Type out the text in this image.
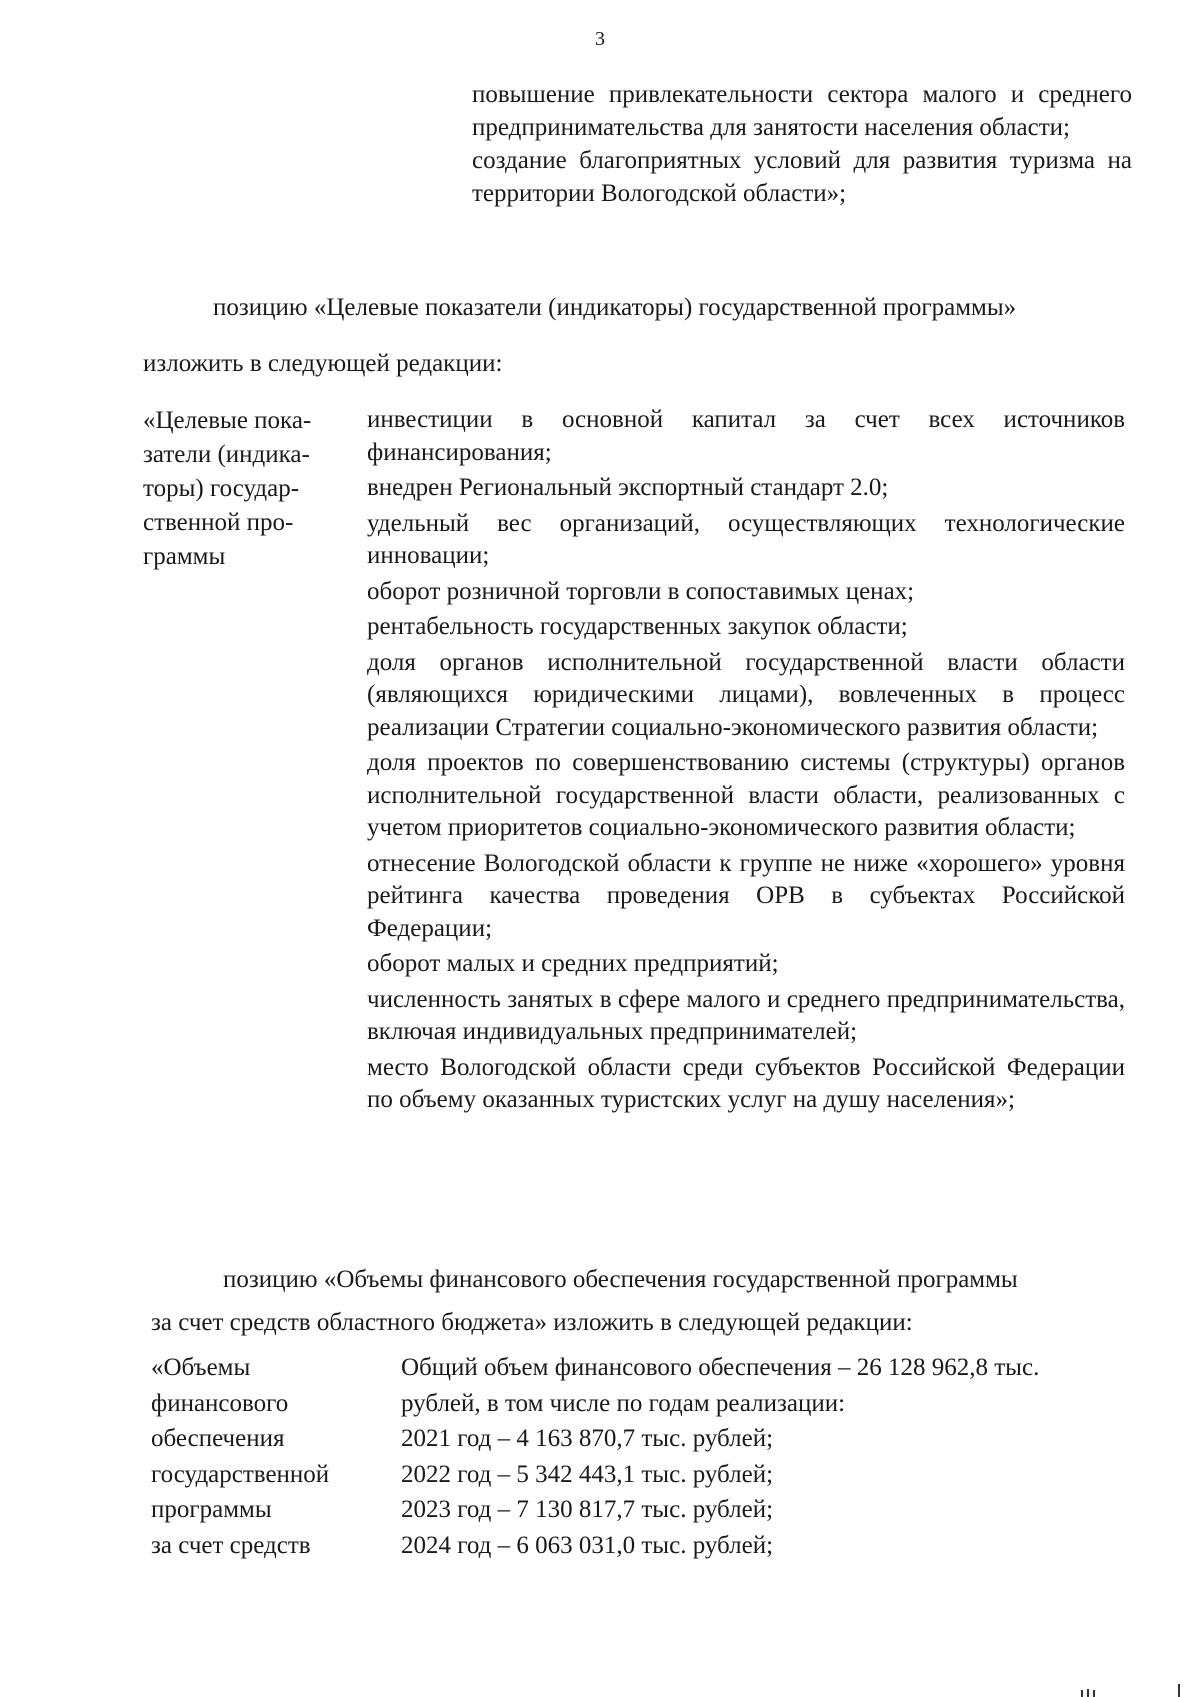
3
повышение привлекательности сектора малого и среднего предпринимательства для занятости населения области;
создание благоприятных условий для развития туризма на территории Вологодской области»;
позицию «Целевые показатели (индикаторы) государственной программы»
изложить в следующей редакции:
«Целевые пока-
затели (индика-
торы) государ-
ственной про-
граммы
инвестиции в основной капитал за счет всех источников финансирования;
внедрен Региональный экспортный стандарт 2.0;
удельный вес организаций, осуществляющих технологические инновации;
оборот розничной торговли в сопоставимых ценах;
рентабельность государственных закупок области;
доля органов исполнительной государственной власти области (являющихся юридическими лицами), вовлеченных в процесс реализации Стратегии социально-экономического развития области;
доля проектов по совершенствованию системы (структуры) органов исполнительной государственной власти области, реализованных с учетом приоритетов социально-экономического развития области;
отнесение Вологодской области к группе не ниже «хорошего» уровня рейтинга качества проведения ОРВ в субъектах Российской Федерации;
оборот малых и средних предприятий;
численность занятых в сфере малого и среднего предпринимательства, включая индивидуальных предпринимателей;
место Вологодской области среди субъектов Российской Федерации по объему оказанных туристских услуг на душу населения»;
позицию «Объемы финансового обеспечения государственной программы
за счет средств областного бюджета» изложить в следующей редакции:
«Объемы
финансового
обеспечения
государственной
программы
за счет средств
Общий объем финансового обеспечения – 26 128 962,8 тыс.
рублей, в том числе по годам реализации:
2021 год – 4 163 870,7 тыс. рублей;
2022 год – 5 342 443,1 тыс. рублей;
2023 год – 7 130 817,7 тыс. рублей;
2024 год – 6 063 031,0 тыс. рублей;
